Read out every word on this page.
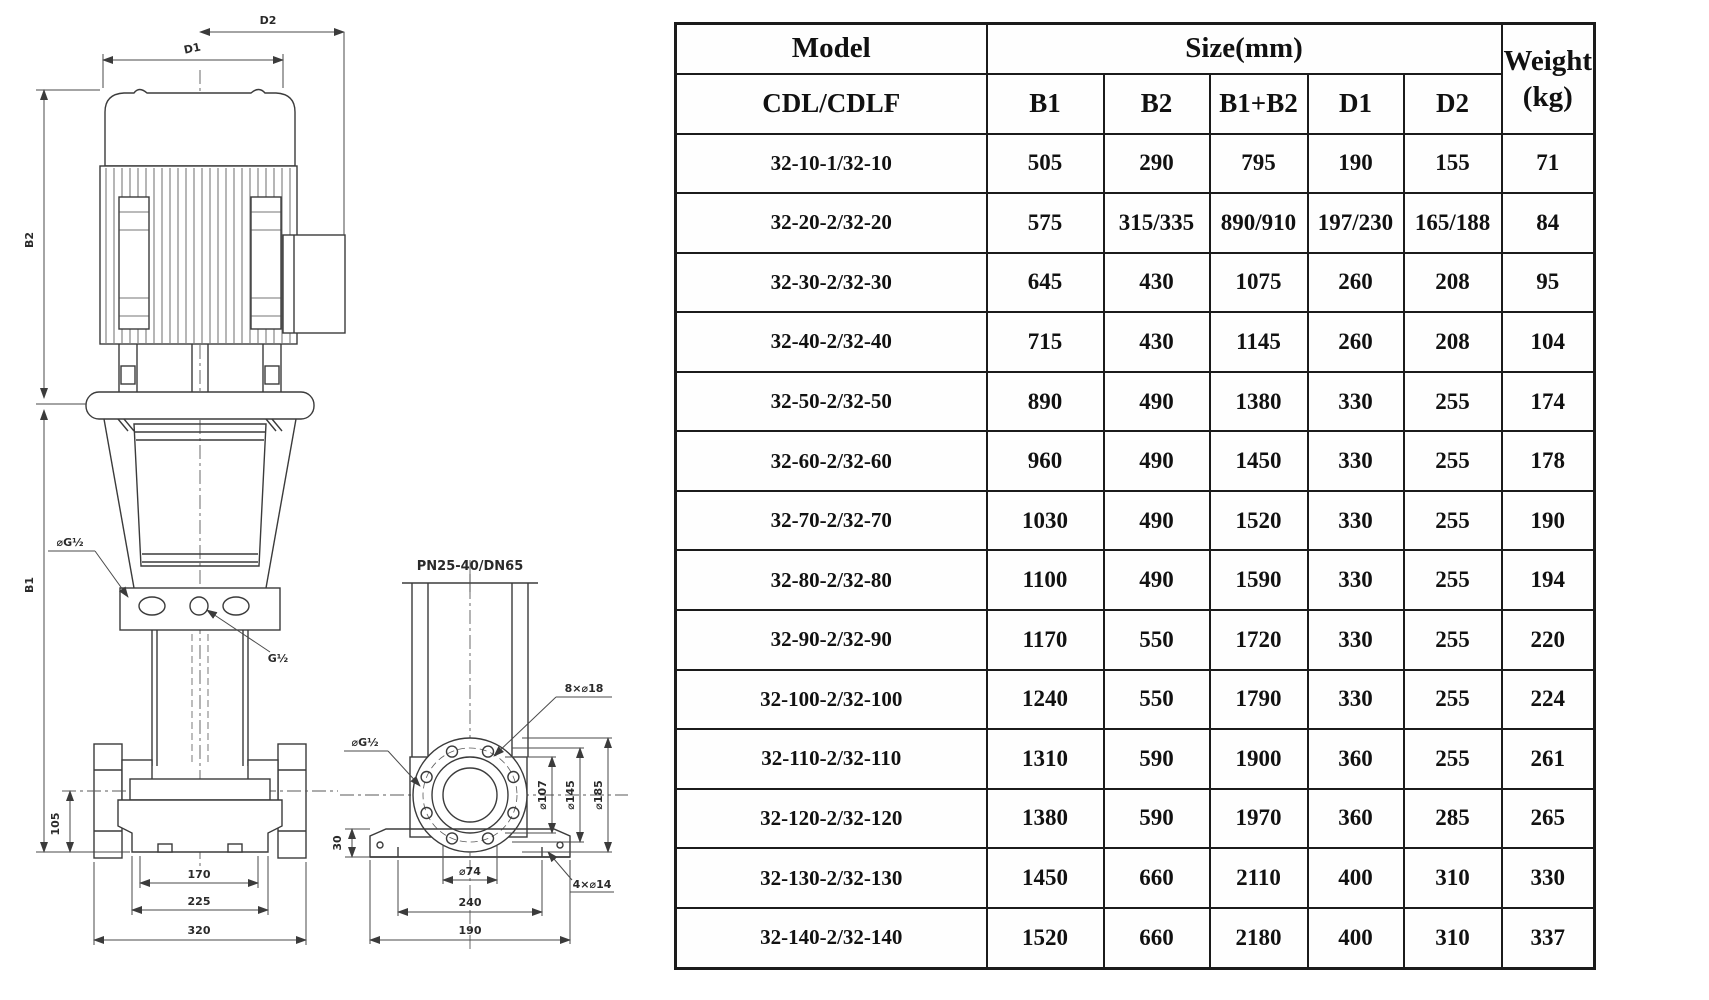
D1
D2
B2
B1
105
170
225
320
⌀G½
G½
PN25-40/DN65
8×⌀18
⌀G½
⌀107 ⌀145 ⌀185
30
⌀74
240
190
4×⌀14
Model	Size(mm)					Weight
(kg)

CDL/CDLF	B1	B2	B1+B2	D1	D2	
32-10-1/32-10	505	290	795	190	155	71
32-20-2/32-20	575	315/335	890/910	197/230	165/188	84
32-30-2/32-30	645	430	1075	260	208	95
32-40-2/32-40	715	430	1145	260	208	104
32-50-2/32-50	890	490	1380	330	255	174
32-60-2/32-60	960	490	1450	330	255	178
32-70-2/32-70	1030	490	1520	330	255	190
32-80-2/32-80	1100	490	1590	330	255	194
32-90-2/32-90	1170	550	1720	330	255	220
32-100-2/32-100	1240	550	1790	330	255	224
32-110-2/32-110	1310	590	1900	360	255	261
32-120-2/32-120	1380	590	1970	360	285	265
32-130-2/32-130	1450	660	2110	400	310	330
32-140-2/32-140	1520	660	2180	400	310	337
